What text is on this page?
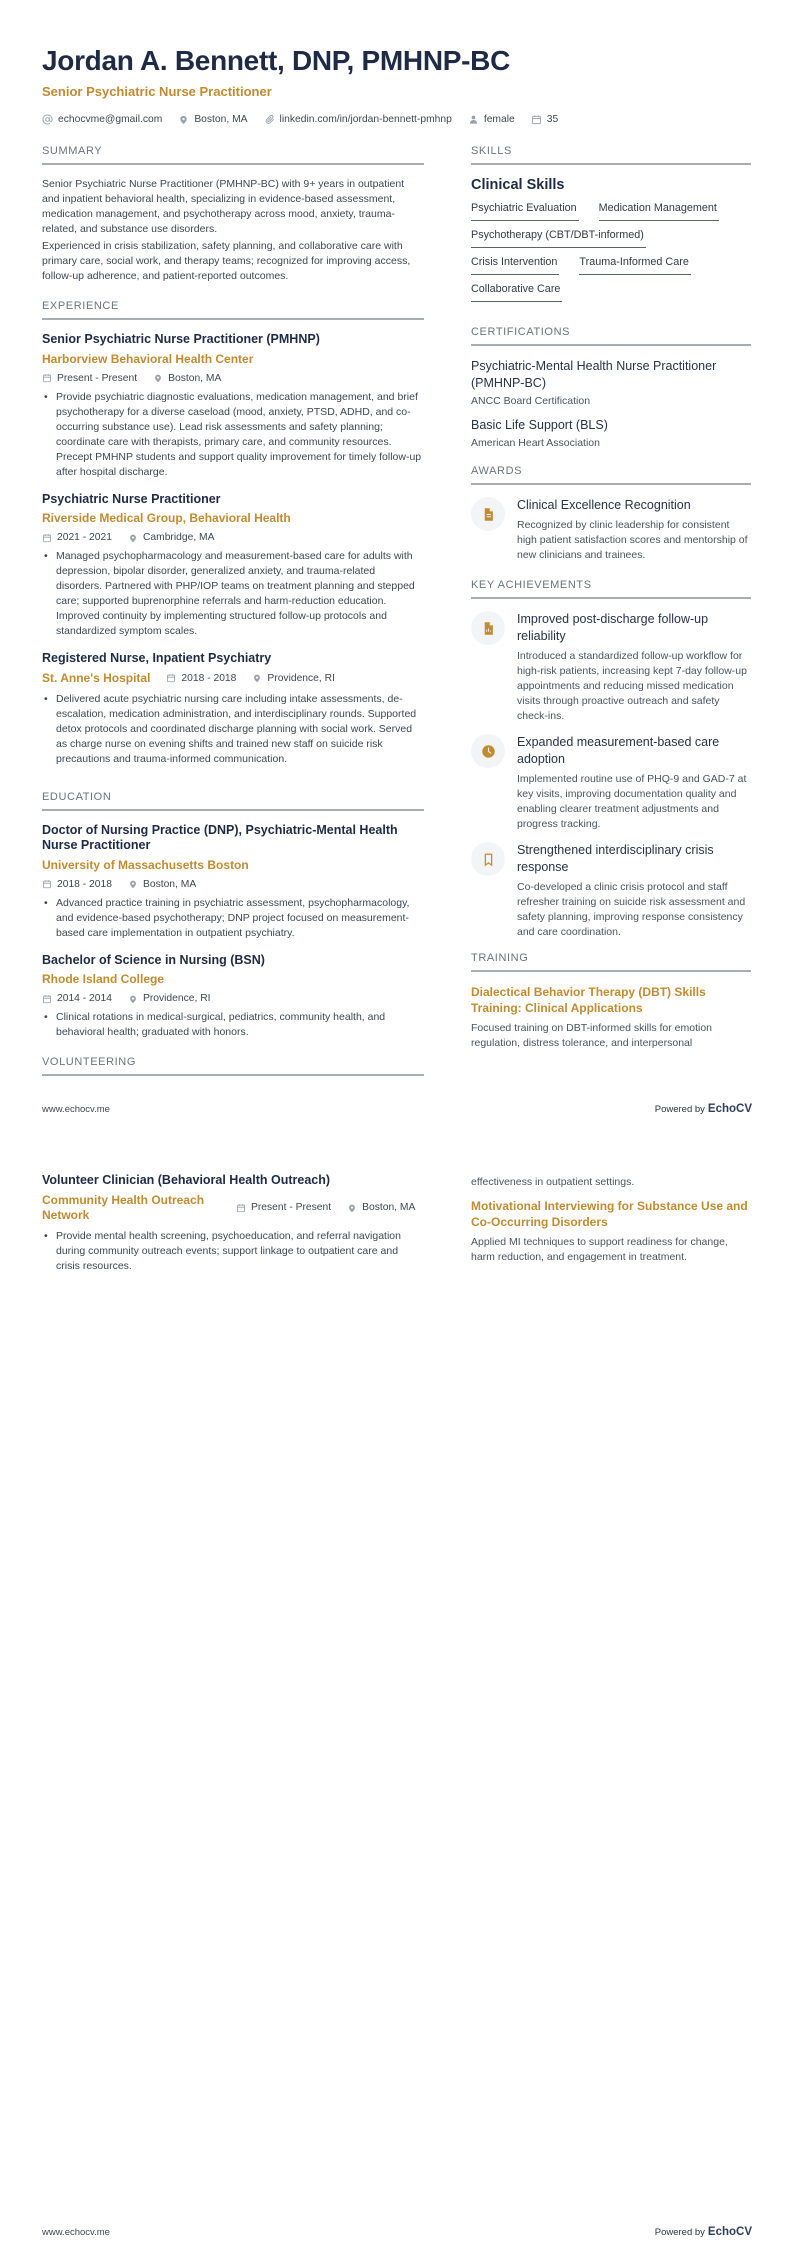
Jordan A. Bennett, DNP, PMHNP-BC
Senior Psychiatric Nurse Practitioner
echocvme@gmail.com	Boston, MA	linkedin.com/in/jordan-bennett-pmhnp	female	35
SUMMARY

Senior Psychiatric Nurse Practitioner (PMHNP-BC) with 9+ years in outpatient and inpatient behavioral health, specializing in evidence-based assessment, medication management, and psychotherapy across mood, anxiety, trauma-related, and substance use disorders.

Experienced in crisis stabilization, safety planning, and collaborative care with primary care, social work, and therapy teams; recognized for improving access, follow-up adherence, and patient-reported outcomes.

EXPERIENCE
Senior Psychiatric Nurse Practitioner (PMHNP)
Harborview Behavioral Health Center
Present - Present	Boston, MA
• Provide psychiatric diagnostic evaluations, medication management, and brief psychotherapy for a diverse caseload (mood, anxiety, PTSD, ADHD, and co-occurring substance use). Lead risk assessments and safety planning; coordinate care with therapists, primary care, and community resources. Precept PMHNP students and support quality improvement for timely follow-up after hospital discharge.
Psychiatric Nurse Practitioner
Riverside Medical Group, Behavioral Health
2021 - 2021	Cambridge, MA
• Managed psychopharmacology and measurement-based care for adults with depression, bipolar disorder, generalized anxiety, and trauma-related disorders. Partnered with PHP/IOP teams on treatment planning and stepped care; supported buprenorphine referrals and harm-reduction education. Improved continuity by implementing structured follow-up protocols and standardized symptom scales.
Registered Nurse, Inpatient Psychiatry
St. Anne's Hospital	2018 - 2018	Providence, RI
• Delivered acute psychiatric nursing care including intake assessments, de-escalation, medication administration, and interdisciplinary rounds. Supported detox protocols and coordinated discharge planning with social work. Served as charge nurse on evening shifts and trained new staff on suicide risk precautions and trauma-informed communication.
EDUCATION
Doctor of Nursing Practice (DNP), Psychiatric-Mental Health Nurse Practitioner
University of Massachusetts Boston
2018 - 2018	Boston, MA
• Advanced practice training in psychiatric assessment, psychopharmacology, and evidence-based psychotherapy; DNP project focused on measurement-based care implementation in outpatient psychiatry.
Bachelor of Science in Nursing (BSN)
Rhode Island College
2014 - 2014	Providence, RI
• Clinical rotations in medical-surgical, pediatrics, community health, and behavioral health; graduated with honors.
VOLUNTEERING
SKILLS
Clinical Skills
Psychiatric Evaluation Medication Management
Psychotherapy (CBT/DBT-informed)
Crisis Intervention Trauma-Informed Care
Collaborative Care
CERTIFICATIONS
Psychiatric-Mental Health Nurse Practitioner (PMHNP-BC)
ANCC Board Certification
Basic Life Support (BLS)
American Heart Association
AWARDS
Clinical Excellence Recognition
Recognized by clinic leadership for consistent high patient satisfaction scores and mentorship of new clinicians and trainees.
KEY ACHIEVEMENTS
Improved post-discharge follow-up reliability
Introduced a standardized follow-up workflow for high-risk patients, increasing kept 7-day follow-up appointments and reducing missed medication visits through proactive outreach and safety check-ins.
Expanded measurement-based care adoption
Implemented routine use of PHQ-9 and GAD-7 at key visits, improving documentation quality and enabling clearer treatment adjustments and progress tracking.
Strengthened interdisciplinary crisis response
Co-developed a clinic crisis protocol and staff refresher training on suicide risk assessment and safety planning, improving response consistency and care coordination.
TRAINING
Dialectical Behavior Therapy (DBT) Skills Training: Clinical Applications
Focused training on DBT-informed skills for emotion regulation, distress tolerance, and interpersonal
www.echocv.me	Powered by EchoCV
Volunteer Clinician (Behavioral Health Outreach)
Community Health Outreach Network	Present - Present	Boston, MA
• Provide mental health screening, psychoeducation, and referral navigation during community outreach events; support linkage to outpatient care and crisis resources.
effectiveness in outpatient settings.
Motivational Interviewing for Substance Use and Co-Occurring Disorders
Applied MI techniques to support readiness for change, harm reduction, and engagement in treatment.
www.echocv.me	Powered by EchoCV
